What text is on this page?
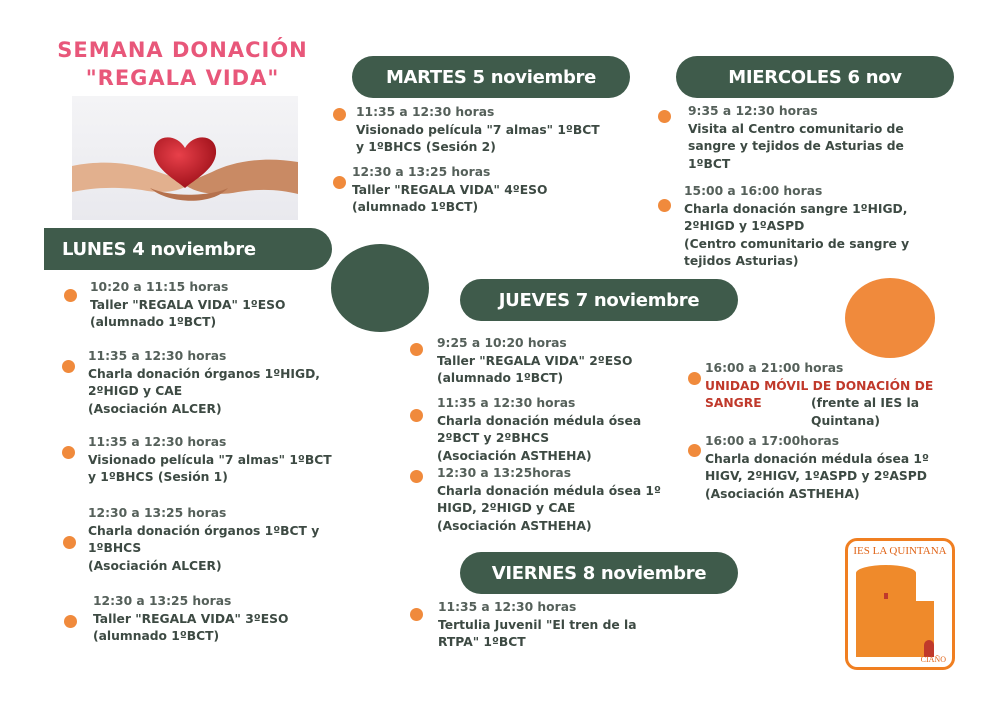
SEMANA DONACIÓN

"REGALA VIDA"	MARTES 5 noviembre	MIERCOLES 6 nov
LUNES 4 noviembre
JUEVES 7 noviembre
VIERNES 8 noviembre
10:20 a 11:15 horas
Taller "REGALA VIDA" 1ºESO
(alumnado 1ºBCT)
11:35 a 12:30 horas
Charla donación órganos 1ºHIGD,
2ºHIGD y CAE
(Asociación ALCER)
11:35 a 12:30 horas
Visionado película "7 almas" 1ºBCT
y 1ºBHCS (Sesión 1)
12:30 a 13:25 horas
Charla donación órganos 1ºBCT y
1ºBHCS
(Asociación ALCER)
12:30 a 13:25 horas
Taller "REGALA VIDA" 3ºESO
(alumnado 1ºBCT)
11:35 a 12:30 horas
Visionado película "7 almas" 1ºBCT
y 1ºBHCS (Sesión 2)
12:30 a 13:25 horas
Taller "REGALA VIDA" 4ºESO
(alumnado 1ºBCT)
9:35 a 12:30 horas
Visita al Centro comunitario de
sangre y tejidos de Asturias de
1ºBCT
15:00 a 16:00 horas
Charla donación sangre 1ºHIGD,
2ºHIGD y 1ºASPD
(Centro comunitario de sangre y
tejidos Asturias)
9:25 a 10:20 horas
Taller "REGALA VIDA" 2ºESO
(alumnado 1ºBCT)
11:35 a 12:30 horas
Charla donación médula ósea
2ºBCT y 2ºBHCS
(Asociación ASTHEHA)
12:30 a 13:25horas
Charla donación médula ósea 1º
HIGD, 2ºHIGD y CAE
(Asociación ASTHEHA)
16:00 a 21:00 horas
UNIDAD MÓVIL DE DONACIÓN DE
SANGRE	(frente al IES la
Quintana)
16:00 a 17:00horas
Charla donación médula ósea 1º
HIGV, 2ºHIGV, 1ºASPD y 2ºASPD
(Asociación ASTHEHA)
11:35 a 12:30 horas
Tertulia Juvenil "El tren de la
RTPA" 1ºBCT
IES LA QUINTANA
CIAÑO
